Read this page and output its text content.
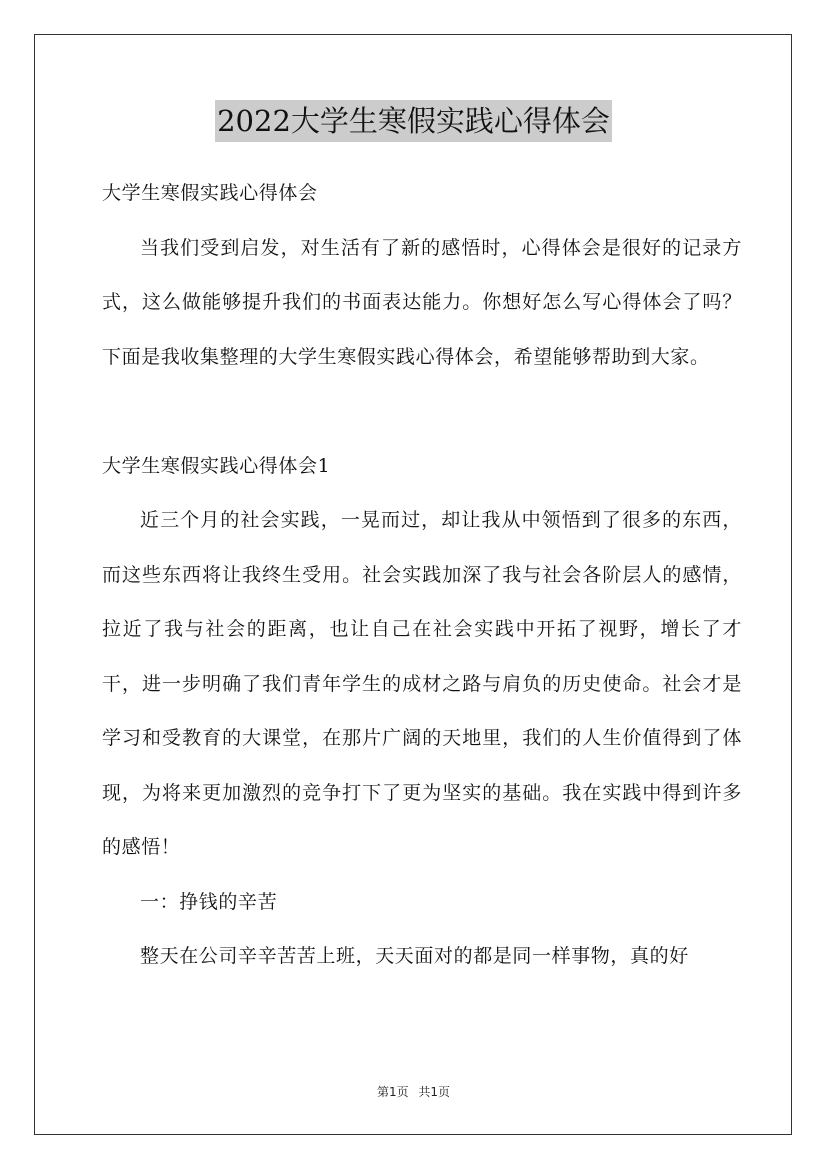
2022大学生寒假实践心得体会

大学生寒假实践心得体会

当我们受到启发，对生活有了新的感悟时，心得体会是很好的记录方式，这么做能够提升我们的书面表达能力。你想好怎么写心得体会了吗？下面是我收集整理的大学生寒假实践心得体会，希望能够帮助到大家。

大学生寒假实践心得体会1

近三个月的社会实践，一晃而过，却让我从中领悟到了很多的东西，而这些东西将让我终生受用。社会实践加深了我与社会各阶层人的感情，拉近了我与社会的距离，也让自己在社会实践中开拓了视野，增长了才干，进一步明确了我们青年学生的成材之路与肩负的历史使命。社会才是学习和受教育的大课堂，在那片广阔的天地里，我们的人生价值得到了体现，为将来更加激烈的竞争打下了更为坚实的基础。我在实践中得到许多的感悟！

一：挣钱的辛苦

整天在公司辛辛苦苦上班，天天面对的都是同一样事物，真的好

第1页 共1页
